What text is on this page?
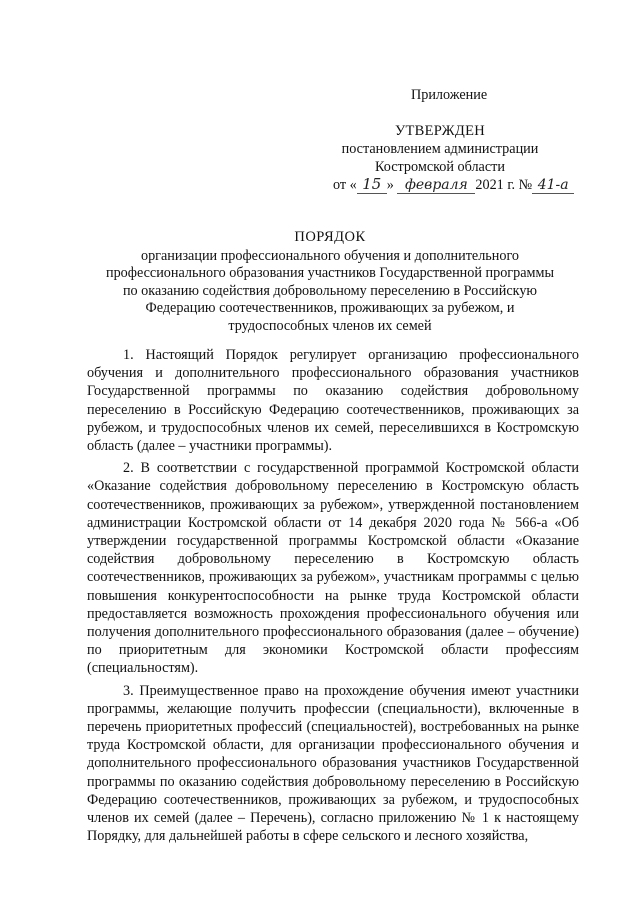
Приложение
УТВЕРЖДЕН
постановлением администрации
Костромской области
от « 15 » февраля 2021 г. № 41-а
ПОРЯДОК
организации профессионального обучения и дополнительного
профессионального образования участников Государственной программы
по оказанию содействия добровольному переселению в Российскую
Федерацию соотечественников, проживающих за рубежом, и
трудоспособных членов их семей

1. Настоящий Порядок регулирует организацию профессионального обучения и дополнительного профессионального образования участников Государственной программы по оказанию содействия добровольному переселению в Российскую Федерацию соотечественников, проживающих за рубежом, и трудоспособных членов их семей, переселившихся в Костромскую область (далее – участники программы).

2. В соответствии с государственной программой Костромской области «Оказание содействия добровольному переселению в Костромскую область соотечественников, проживающих за рубежом», утвержденной постановлением администрации Костромской области от 14 декабря 2020 года № 566-а «Об утверждении государственной программы Костромской области «Оказание содействия добровольному переселению в Костромскую область соотечественников, проживающих за рубежом», участникам программы с целью повышения конкурентоспособности на рынке труда Костромской области предоставляется возможность прохождения профессионального обучения или получения дополнительного профессионального образования (далее – обучение) по приоритетным для экономики Костромской области профессиям (специальностям).

3. Преимущественное право на прохождение обучения имеют участники программы, желающие получить профессии (специальности), включенные в перечень приоритетных профессий (специальностей), востребованных на рынке труда Костромской области, для организации профессионального обучения и дополнительного профессионального образования участников Государственной программы по оказанию содействия добровольному переселению в Российскую Федерацию соотечественников, проживающих за рубежом, и трудоспособных членов их семей (далее – Перечень), согласно приложению № 1 к настоящему Порядку, для дальнейшей работы в сфере сельского и лесного хозяйства,
